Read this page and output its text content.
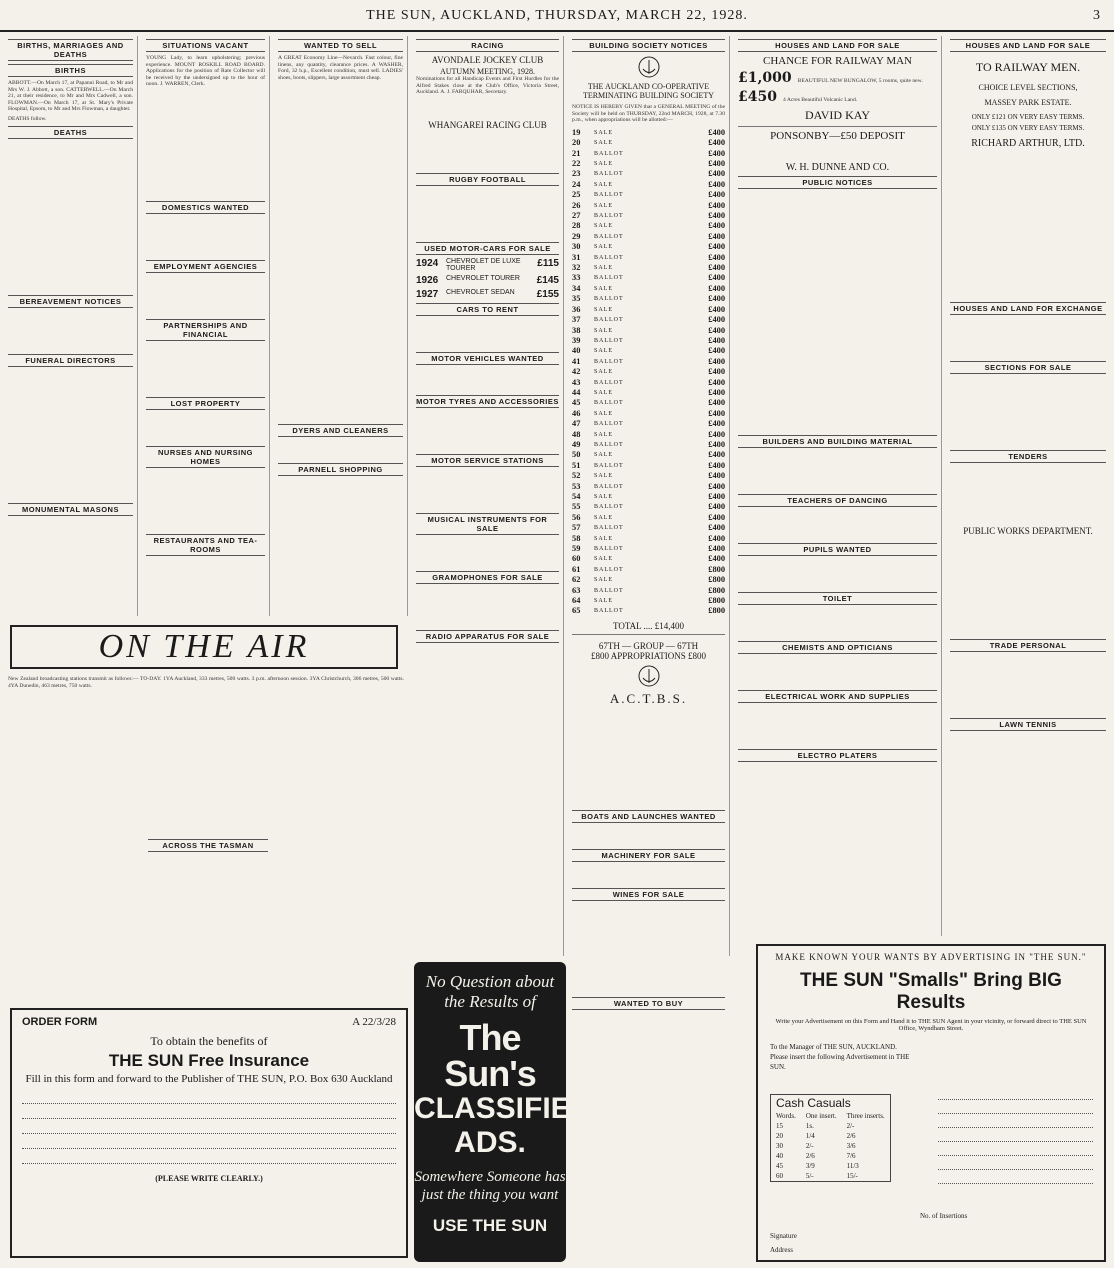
THE SUN, AUCKLAND, THURSDAY, MARCH 22, 1928.	3
BIRTHS, MARRIAGES AND DEATHS
BIRTHS

ABBOTT.—On March 17, at Papanui Road, to Mr and Mrs W. J. Abbott, a son. CATTERWELL.—On March 21, at their residence, to Mr and Mrs Cadwell, a son. FLOWMAN.—On March 17, at St. Mary's Private Hospital, Epsom, to Mr and Mrs Flowman, a daughter.

DEATHS follow.

DEATHS
BEREAVEMENT NOTICES
FUNERAL DIRECTORS
MONUMENTAL MASONS
SITUATIONS VACANT
YOUNG Lady, to learn upholstering; previous experience. MOUNT ROSKILL ROAD BOARD. Applications for the position of Rate Collector will be received by the undersigned up to the hour of noon. J. WARREN, Clerk.
DOMESTICS WANTED
EMPLOYMENT AGENCIES
PARTNERSHIPS AND FINANCIAL
LOST PROPERTY
NURSES AND NURSING HOMES
RESTAURANTS AND TEA-ROOMS
WANTED TO SELL
A GREAT Economy Line—Nevarch. Fast colour, fine linens, any quantity, clearance prices. A WASHER, Ford, 32 h.p., Excellent condition, must sell. LADIES' shoes, boots, slippers, large assortment cheap.
DYERS AND CLEANERS
PARNELL SHOPPING
ON THE AIR
New Zealand broadcasting stations transmit as follows:— TO-DAY. 1YA Auckland, 333 metres, 500 watts. 3 p.m. afternoon session. 3YA Christchurch, 306 metres, 500 watts. 4YA Dunedin, 463 metres, 750 watts.
ACROSS THE TASMAN
RACING
AVONDALE JOCKEY CLUB
AUTUMN MEETING, 1928.
Nominations for all Handicap Events and First Hurdles for the Alfred Stakes close at the Club's Office, Victoria Street, Auckland. A. J. FARQUHAR, Secretary.
WHANGAREI RACING CLUB
RUGBY FOOTBALL
USED MOTOR-CARS FOR SALE
1924	CHEVROLET DE LUXE TOURER	£115
1926	CHEVROLET TOURER	£145
1927	CHEVROLET SEDAN	£155
CARS TO RENT
MOTOR VEHICLES WANTED
MOTOR TYRES AND ACCESSORIES
MOTOR SERVICE STATIONS
MUSICAL INSTRUMENTS FOR SALE
GRAMOPHONES FOR SALE
RADIO APPARATUS FOR SALE
BUILDING SOCIETY NOTICES
THE AUCKLAND CO-OPERATIVE TERMINATING BUILDING SOCIETY
NOTICE IS HEREBY GIVEN that a GENERAL MEETING of the Society will be held on THURSDAY, 22nd MARCH, 1928, at 7.30 p.m., when appropriations will be allotted:—
19	SALE	£400
20	SALE	£400
21	BALLOT	£400
22	SALE	£400
23	BALLOT	£400
24	SALE	£400
25	BALLOT	£400
26	SALE	£400
27	BALLOT	£400
28	SALE	£400
29	BALLOT	£400
30	SALE	£400
31	BALLOT	£400
32	SALE	£400
33	BALLOT	£400
34	SALE	£400
35	BALLOT	£400
36	SALE	£400
37	BALLOT	£400
38	SALE	£400
39	BALLOT	£400
40	SALE	£400
41	BALLOT	£400
42	SALE	£400
43	BALLOT	£400
44	SALE	£400
45	BALLOT	£400
46	SALE	£400
47	BALLOT	£400
48	SALE	£400
49	BALLOT	£400
50	SALE	£400
51	BALLOT	£400
52	SALE	£400
53	BALLOT	£400
54	SALE	£400
55	BALLOT	£400
56	SALE	£400
57	BALLOT	£400
58	SALE	£400
59	BALLOT	£400
60	SALE	£400
61	BALLOT	£800
62	SALE	£800
63	BALLOT	£800
64	SALE	£800
65	BALLOT	£800
TOTAL .... £14,400
67TH — GROUP — 67TH
£800 APPROPRIATIONS £800
A.C.T.B.S.
BOATS AND LAUNCHES WANTED
MACHINERY FOR SALE
WINES FOR SALE
WANTED TO BUY
HOUSES AND LAND FOR SALE
CHANCE FOR RAILWAY MAN
£1,000 BEAUTIFUL NEW BUNGALOW, 5 rooms, quite new.
£450 4 Acres Beautiful Volcanic Land.
DAVID KAY
PONSONBY—£50 DEPOSIT
W. H. DUNNE AND CO.
PUBLIC NOTICES
BUILDERS AND BUILDING MATERIAL
TEACHERS OF DANCING
PUPILS WANTED
TOILET
CHEMISTS AND OPTICIANS
ELECTRICAL WORK AND SUPPLIES
ELECTRO PLATERS
HOUSES AND LAND FOR SALE
TO RAILWAY MEN.
CHOICE LEVEL SECTIONS,
MASSEY PARK ESTATE.
ONLY £121 ON VERY EASY TERMS.
ONLY £135 ON VERY EASY TERMS.
RICHARD ARTHUR, LTD.
HOUSES AND LAND FOR EXCHANGE
SECTIONS FOR SALE
TENDERS
PUBLIC WORKS DEPARTMENT.
TRADE PERSONAL
LAWN TENNIS
ORDER FORM	A 22/3/28
To obtain the benefits of
THE SUN Free Insurance
Fill in this form and forward to the Publisher of THE SUN, P.O. Box 630 Auckland
(PLEASE WRITE CLEARLY.)
No Question about the Results of
The Sun's
CLASSIFIED ADS.
Somewhere Someone has just the thing you want
USE THE SUN
MAKE KNOWN YOUR WANTS BY ADVERTISING IN "THE SUN."
THE SUN "Smalls" Bring BIG Results
Write your Advertisement on this Form and Hand it to THE SUN Agent in your vicinity, or forward direct to THE SUN Office, Wyndham Street.
To the Manager of THE SUN, AUCKLAND. Please insert the following Advertisement in THE SUN.
Cash Casuals		
Words.	One insert.	Three inserts.
15	1s.	2/-
20	1/4	2/6
30	2/-	3/6
40	2/6	7/6
45	3/9	11/3
60	5/-	15/-
No. of Insertions
Signature
Address
